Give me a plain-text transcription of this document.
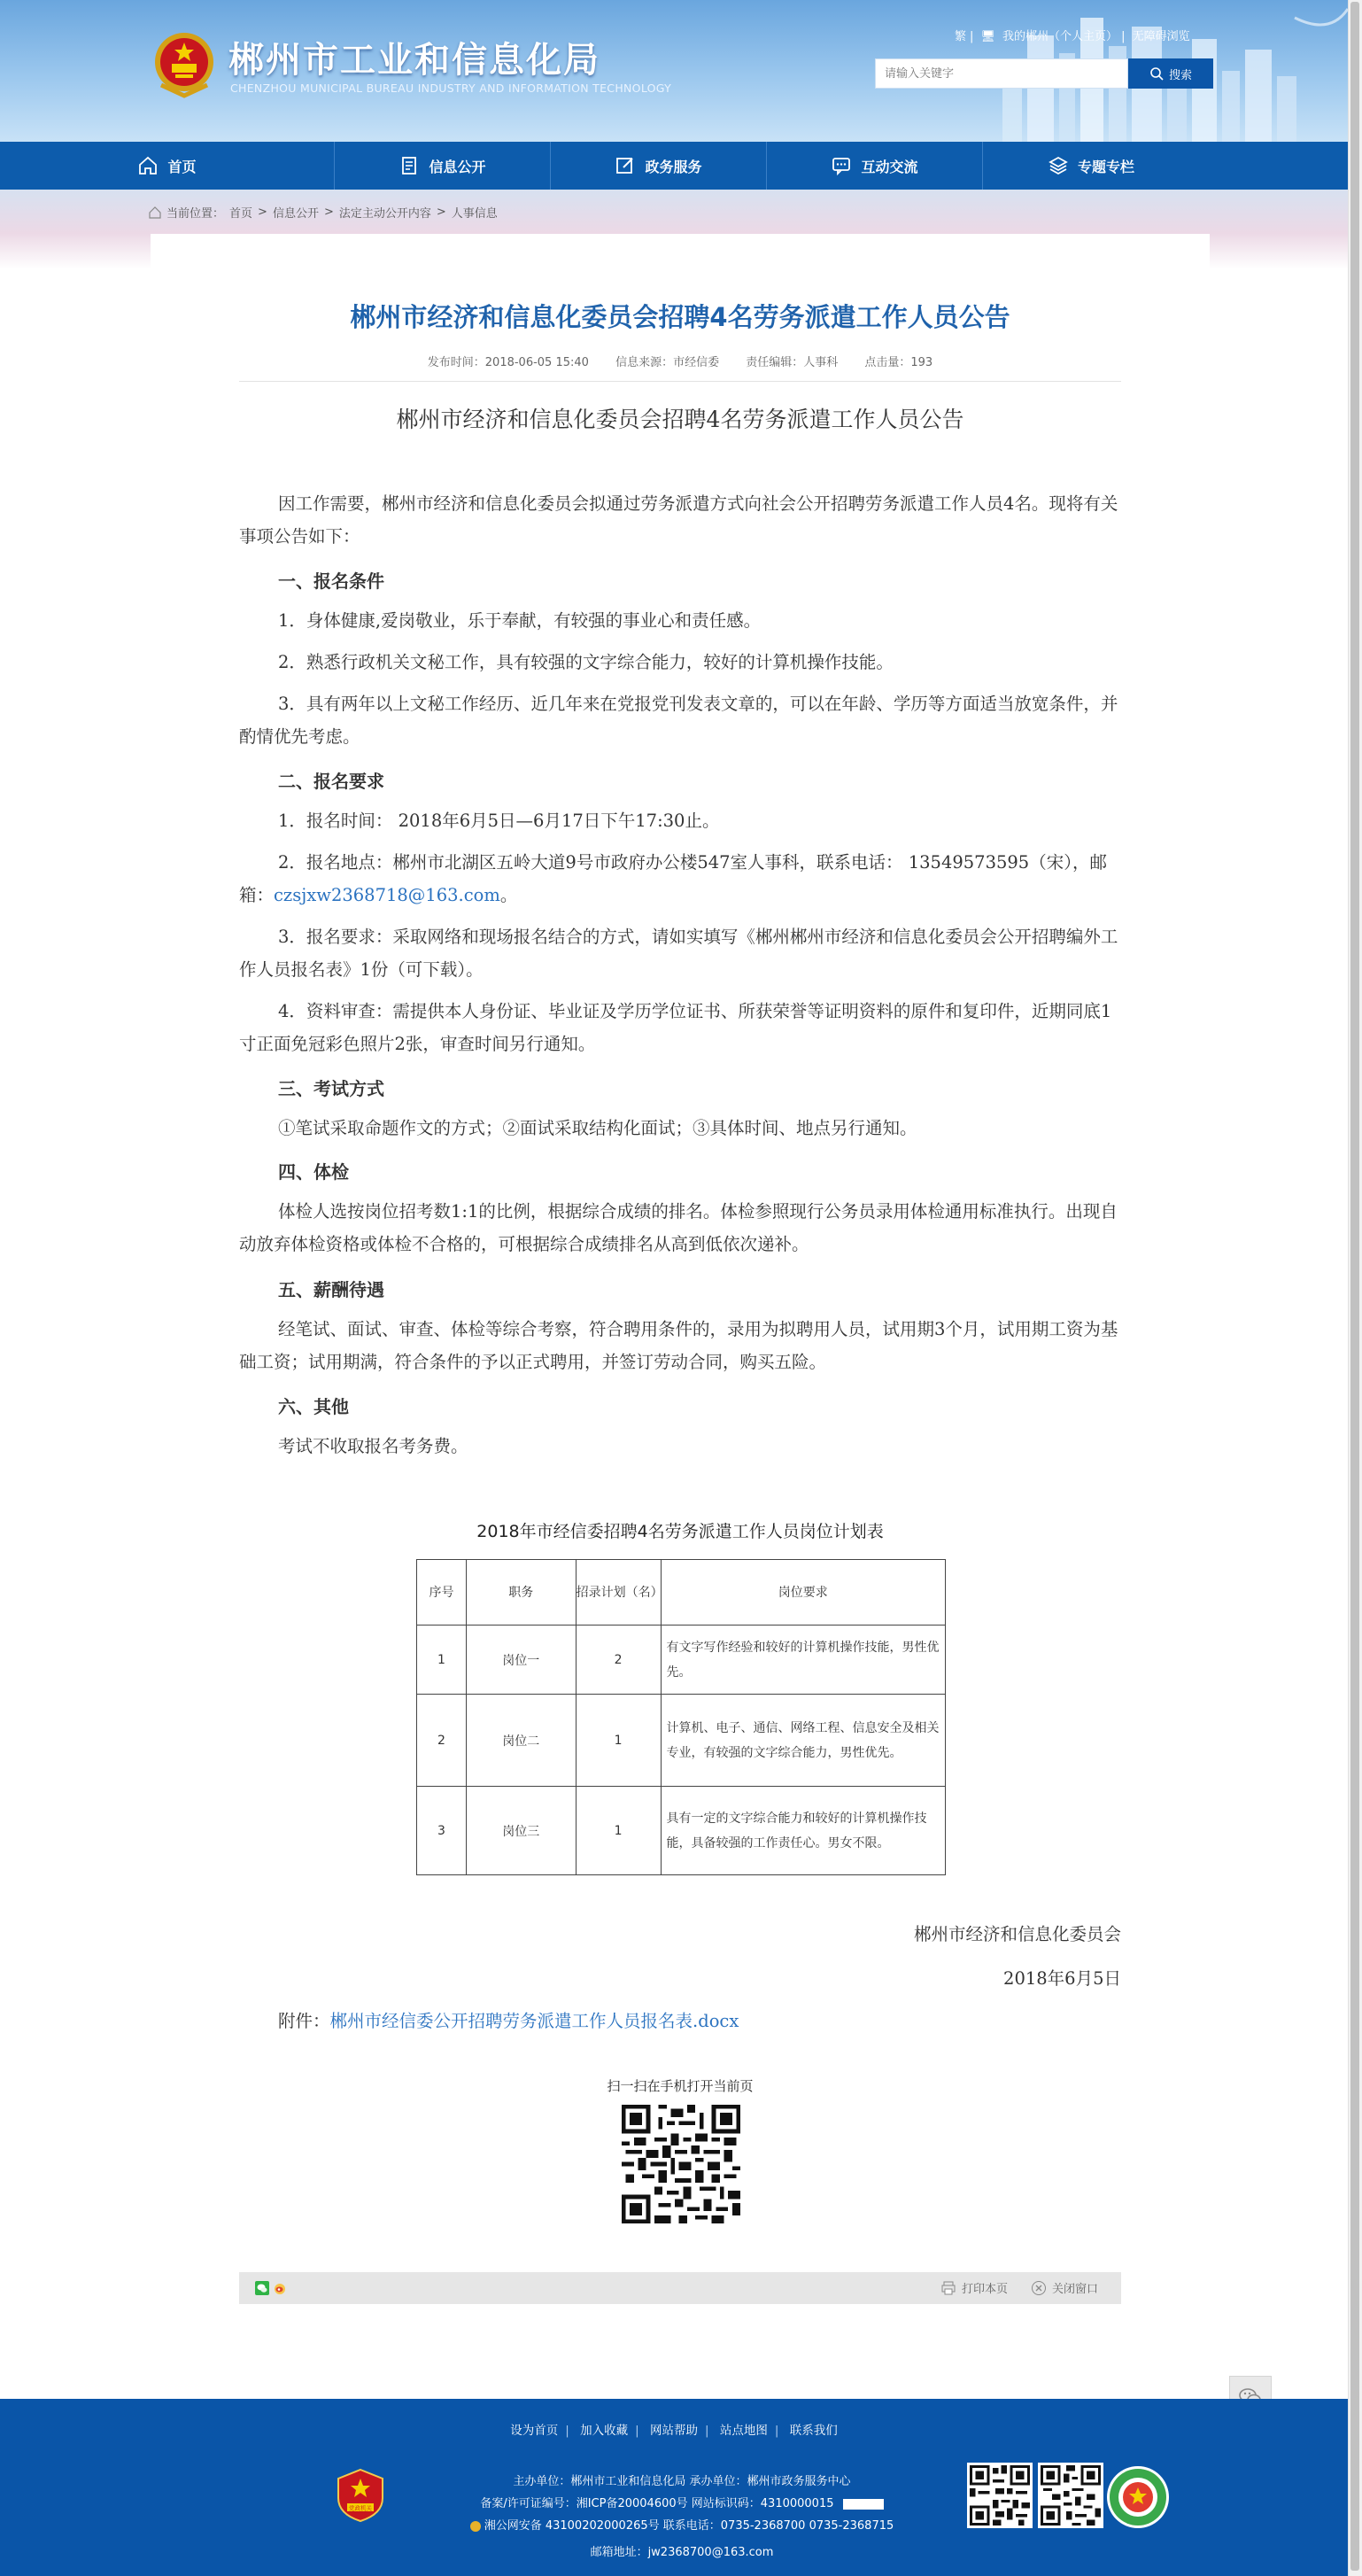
郴州市工业和信息化局
CHENZHOU MUNICIPAL BUREAU INDUSTRY AND INFORMATION TECHNOLOGY
繁 | 🖥 我的郴州（个人主页） | 无障碍浏览
请输入关键字
搜索
首页	信息公开	政务服务	互动交流	专题专栏
当前位置： 首页 > 信息公开 > 法定主动公开内容 > 人事信息
郴州市经济和信息化委员会招聘4名劳务派遣工作人员公告
发布时间：2018-06-05 15:40 信息来源：市经信委 责任编辑：人事科 点击量：193
郴州市经济和信息化委员会招聘4名劳务派遣工作人员公告
因工作需要，郴州市经济和信息化委员会拟通过劳务派遣方式向社会公开招聘劳务派遣工作人员4名。现将有关事项公告如下：
一、报名条件
1．身体健康,爱岗敬业，乐于奉献，有较强的事业心和责任感。
2．熟悉行政机关文秘工作，具有较强的文字综合能力，较好的计算机操作技能。
3．具有两年以上文秘工作经历、近几年来在党报党刊发表文章的，可以在年龄、学历等方面适当放宽条件，并酌情优先考虑。
二、报名要求
1．报名时间： 2018年6月5日—6月17日下午17:30止。
2．报名地点：郴州市北湖区五岭大道9号市政府办公楼547室人事科，联系电话： 13549573595（宋），邮箱：czsjxw2368718@163.com。
3．报名要求：采取网络和现场报名结合的方式，请如实填写《郴州郴州市经济和信息化委员会公开招聘编外工作人员报名表》1份（可下载）。
4．资料审查：需提供本人身份证、毕业证及学历学位证书、所获荣誉等证明资料的原件和复印件，近期同底1寸正面免冠彩色照片2张，审查时间另行通知。
三、考试方式
①笔试采取命题作文的方式；②面试采取结构化面试；③具体时间、地点另行通知。
四、体检
体检人选按岗位招考数1:1的比例，根据综合成绩的排名。体检参照现行公务员录用体检通用标准执行。出现自动放弃体检资格或体检不合格的，可根据综合成绩排名从高到低依次递补。
五、薪酬待遇
经笔试、面试、审查、体检等综合考察，符合聘用条件的，录用为拟聘用人员，试用期3个月，试用期工资为基础工资；试用期满，符合条件的予以正式聘用，并签订劳动合同，购买五险。
六、其他
考试不收取报名考务费。
2018年市经信委招聘4名劳务派遣工作人员岗位计划表
序号	职务	招录计划（名）	岗位要求
1	岗位一	2	有文字写作经验和较好的计算机操作技能，男性优先。
2	岗位二	1	计算机、电子、通信、网络工程、信息安全及相关专业，有较强的文字综合能力，男性优先。
3	岗位三	1	具有一定的文字综合能力和较好的计算机操作技能，具备较强的工作责任心。男女不限。
郴州市经济和信息化委员会
2018年6月5日
附件：郴州市经信委公开招聘劳务派遣工作人员报名表.docx
扫一扫在手机打开当前页
打印本页	关闭窗口
设为首页 | 加入收藏 | 网站帮助 | 站点地图 | 联系我们
党政机关
主办单位：郴州市工业和信息化局 承办单位：郴州市政务服务中心
备案/许可证编号：湘ICP备20004600号 网站标识码：4310000015
湘公网安备 43100202000265号 联系电话：0735-2368700 0735-2368715
邮箱地址：jw2368700@163.com
